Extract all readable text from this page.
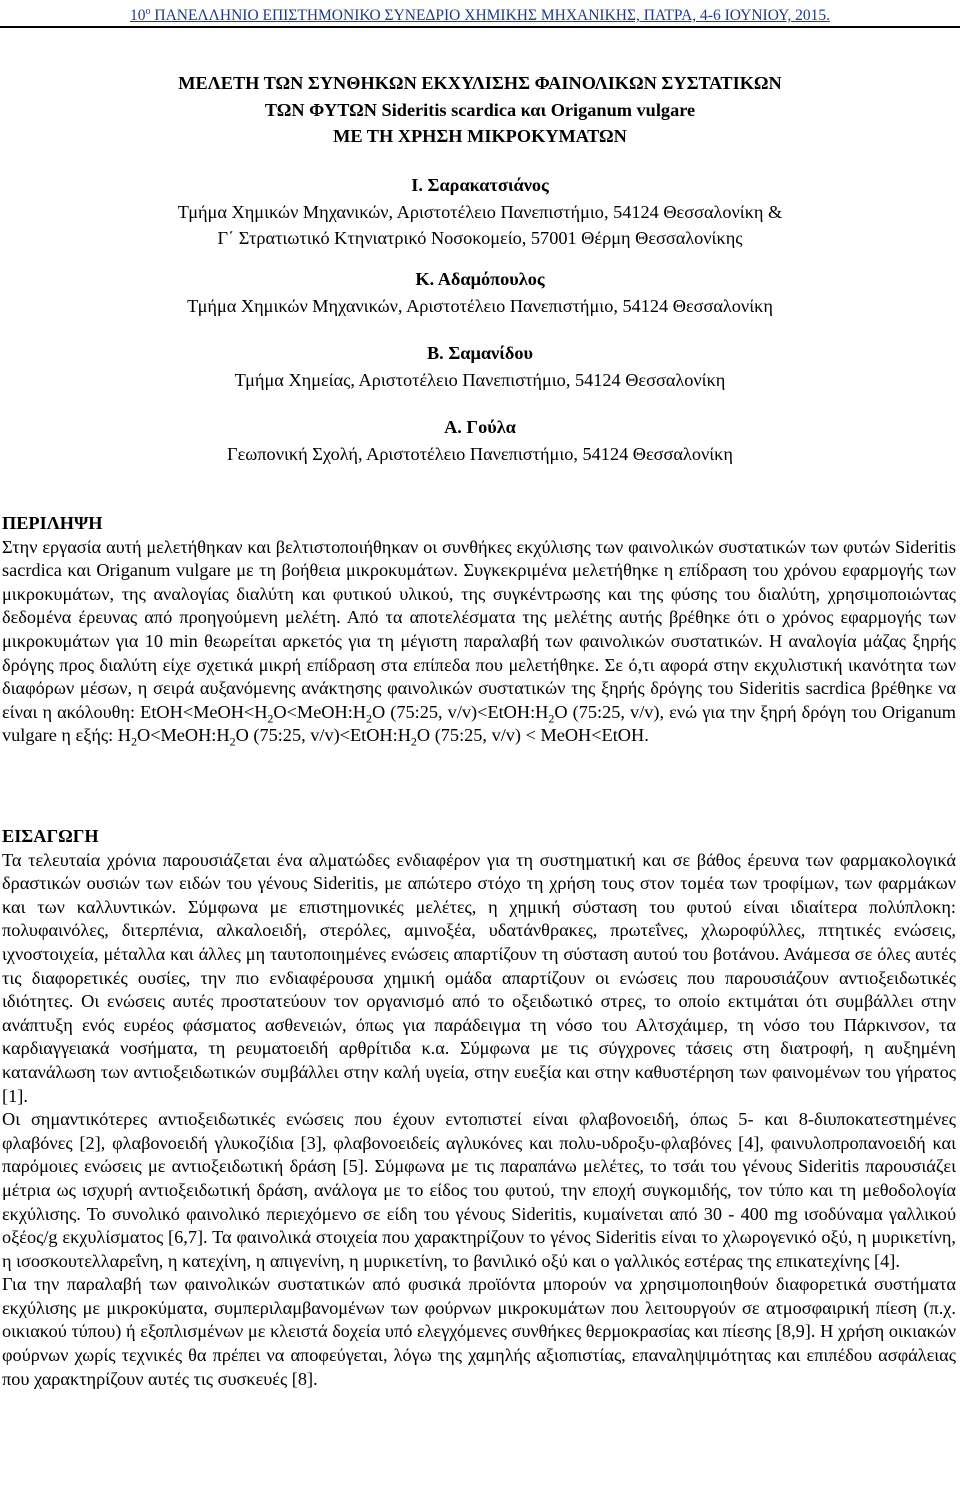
$10^o$ ΠΑΝΕΛΛΗΝΙΟ ΕΠΙΣΤΗΜΟΝΙΚΟ ΣΥΝΕΔΡΙΟ ΧΗΜΙΚΗΣ ΜΗΧΑΝΙΚΗΣ, ΠΑΤΡΑ, 4-6 ΙΟΥΝΙΟΥ, 2015.
ΜΕΛΕΤΗ ΤΩΝ ΣΥΝΘΗΚΩΝ ΕΚΧΥΛΙΣΗΣ ΦΑΙΝΟΛΙΚΩΝ ΣΥΣΤΑΤΙΚΩΝ
ΤΩΝ ΦΥΤΩΝ Sideritis scardica και Origanum vulgare
ΜΕ ΤΗ ΧΡΗΣΗ ΜΙΚΡΟΚΥΜΑΤΩΝ
Ι. Σαρακατσιάνος
Τμήμα Χημικών Μηχανικών, Αριστοτέλειο Πανεπιστήμιο, 54124 Θεσσαλονίκη &
Γ΄ Στρατιωτικό Κτηνιατρικό Νοσοκομείο, 57001 Θέρμη Θεσσαλονίκης
Κ. Αδαμόπουλος
Τμήμα Χημικών Μηχανικών, Αριστοτέλειο Πανεπιστήμιο, 54124 Θεσσαλονίκη
Β. Σαμανίδου
Τμήμα Χημείας, Αριστοτέλειο Πανεπιστήμιο, 54124 Θεσσαλονίκη
Α. Γούλα
Γεωπονική Σχολή, Αριστοτέλειο Πανεπιστήμιο, 54124 Θεσσαλονίκη
ΠΕΡΙΛΗΨΗ

Στην εργασία αυτή μελετήθηκαν και βελτιστοποιήθηκαν οι συνθήκες εκχύλισης των φαινολικών συστατικών των φυτών Sideritis sacrdica και Origanum vulgare με τη βοήθεια μικροκυμάτων. Συγκεκριμένα μελετήθηκε η επίδραση του χρόνου εφαρμογής των μικροκυμάτων, της αναλογίας διαλύτη και φυτικού υλικού, της συγκέντρωσης και της φύσης του διαλύτη, χρησιμοποιώντας δεδομένα έρευνας από προηγούμενη μελέτη. Από τα αποτελέσματα της μελέτης αυτής βρέθηκε ότι ο χρόνος εφαρμογής των μικροκυμάτων για 10 min θεωρείται αρκετός για τη μέγιστη παραλαβή των φαινολικών συστατικών. Η αναλογία μάζας ξηρής δρόγης προς διαλύτη είχε σχετικά μικρή επίδραση στα επίπεδα που μελετήθηκε. Σε ό,τι αφορά στην εκχυλιστική ικανότητα των διαφόρων μέσων, η σειρά αυξανόμενης ανάκτησης φαινολικών συστατικών της ξηρής δρόγης του Sideritis sacrdica βρέθηκε να είναι η ακόλουθη: $EtOH<MeOH<H_2O<MeOH:H_2O$ (75:25, $v/v)<EtOH:H_2O$ (75:25, v/v), ενώ για την ξηρή δρόγη του Origanum vulgare η εξής: $H_2O<MeOH:H_2O$ (75:25, $v/v)<EtOH:H_2O$ (75:25, v/v) < MeOH<EtOH.

ΕΙΣΑΓΩΓΗ

Τα τελευταία χρόνια παρουσιάζεται ένα αλματώδες ενδιαφέρον για τη συστηματική και σε βάθος έρευνα των φαρμακολογικά δραστικών ουσιών των ειδών του γένους Sideritis, με απώτερο στόχο τη χρήση τους στον τομέα των τροφίμων, των φαρμάκων και των καλλυντικών. Σύμφωνα με επιστημονικές μελέτες, η χημική σύσταση του φυτού είναι ιδιαίτερα πολύπλοκη: πολυφαινόλες, διτερπένια, αλκαλοειδή, στερόλες, αμινοξέα, υδατάνθρακες, πρωτεΐνες, χλωροφύλλες, πτητικές ενώσεις, ιχνοστοιχεία, μέταλλα και άλλες μη ταυτοποιημένες ενώσεις απαρτίζουν τη σύσταση αυτού του βοτάνου. Ανάμεσα σε όλες αυτές τις διαφορετικές ουσίες, την πιο ενδιαφέρουσα χημική ομάδα απαρτίζουν οι ενώσεις που παρουσιάζουν αντιοξειδωτικές ιδιότητες. Οι ενώσεις αυτές προστατεύουν τον οργανισμό από το οξειδωτικό στρες, το οποίο εκτιμάται ότι συμβάλλει στην ανάπτυξη ενός ευρέος φάσματος ασθενειών, όπως για παράδειγμα τη νόσο του Αλτσχάιμερ, τη νόσο του Πάρκινσον, τα καρδιαγγειακά νοσήματα, τη ρευματοειδή αρθρίτιδα κ.α. Σύμφωνα με τις σύγχρονες τάσεις στη διατροφή, η αυξημένη κατανάλωση των αντιοξειδωτικών συμβάλλει στην καλή υγεία, στην ευεξία και στην καθυστέρηση των φαινομένων του γήρατος [1].

Οι σημαντικότερες αντιοξειδωτικές ενώσεις που έχουν εντοπιστεί είναι φλαβονοειδή, όπως 5- και 8-διυποκατεστημένες φλαβόνες [2], φλαβονοειδή γλυκοζίδια [3], φλαβονοειδείς αγλυκόνες και πολυ-υδροξυ-φλαβόνες [4], φαινυλοπροπανοειδή και παρόμοιες ενώσεις με αντιοξειδωτική δράση [5]. Σύμφωνα με τις παραπάνω μελέτες, το τσάι του γένους Sideritis παρουσιάζει μέτρια ως ισχυρή αντιοξειδωτική δράση, ανάλογα με το είδος του φυτού, την εποχή συγκομιδής, τον τύπο και τη μεθοδολογία εκχύλισης. Το συνολικό φαινολικό περιεχόμενο σε είδη του γένους Sideritis, κυμαίνεται από 30 - 400 mg ισοδύναμα γαλλικού οξέος/g εκχυλίσματος [6,7]. Τα φαινολικά στοιχεία που χαρακτηρίζουν το γένος Sideritis είναι το χλωρογενικό οξύ, η μυρικετίνη, η ισοσκουτελλαρεΐνη, η κατεχίνη, η απιγενίνη, η μυρικετίνη, το βανιλικό οξύ και ο γαλλικός εστέρας της επικατεχίνης [4].

Για την παραλαβή των φαινολικών συστατικών από φυσικά προϊόντα μπορούν να χρησιμοποιηθούν διαφορετικά συστήματα εκχύλισης με μικροκύματα, συμπεριλαμβανομένων των φούρνων μικροκυμάτων που λειτουργούν σε ατμοσφαιρική πίεση (π.χ. οικιακού τύπου) ή εξοπλισμένων με κλειστά δοχεία υπό ελεγχόμενες συνθήκες θερμοκρασίας και πίεσης [8,9]. Η χρήση οικιακών φούρνων χωρίς τεχνικές θα πρέπει να αποφεύγεται, λόγω της χαμηλής αξιοπιστίας, επαναληψιμότητας και επιπέδου ασφάλειας που χαρακτηρίζουν αυτές τις συσκευές [8].
